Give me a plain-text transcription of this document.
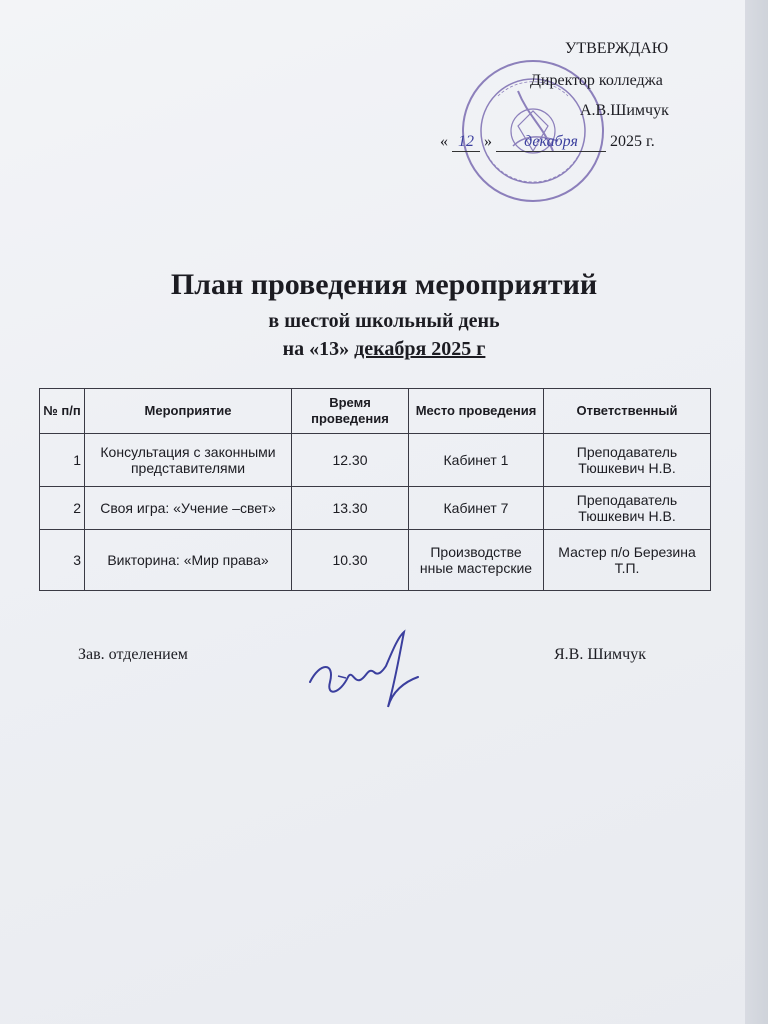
УТВЕРЖДАЮ
Директор колледжа
А.В.Шимчук
« 12 » декабря 2025 г.
План проведения мероприятий
в шестой школьный день
на «13» декабря 2025 г
№ п/п	Мероприятие	Время проведения	Место проведения	Ответственный
1	Консультация с законными представителями	12.30	Кабинет 1	Преподаватель Тюшкевич Н.В.
2	Своя игра: «Учение –свет»	13.30	Кабинет 7	Преподаватель Тюшкевич Н.В.
3	Викторина: «Мир права»	10.30	Производстве нные мастерские	Мастер п/о Березина Т.П.
Зав. отделением	Я.В. Шимчук
